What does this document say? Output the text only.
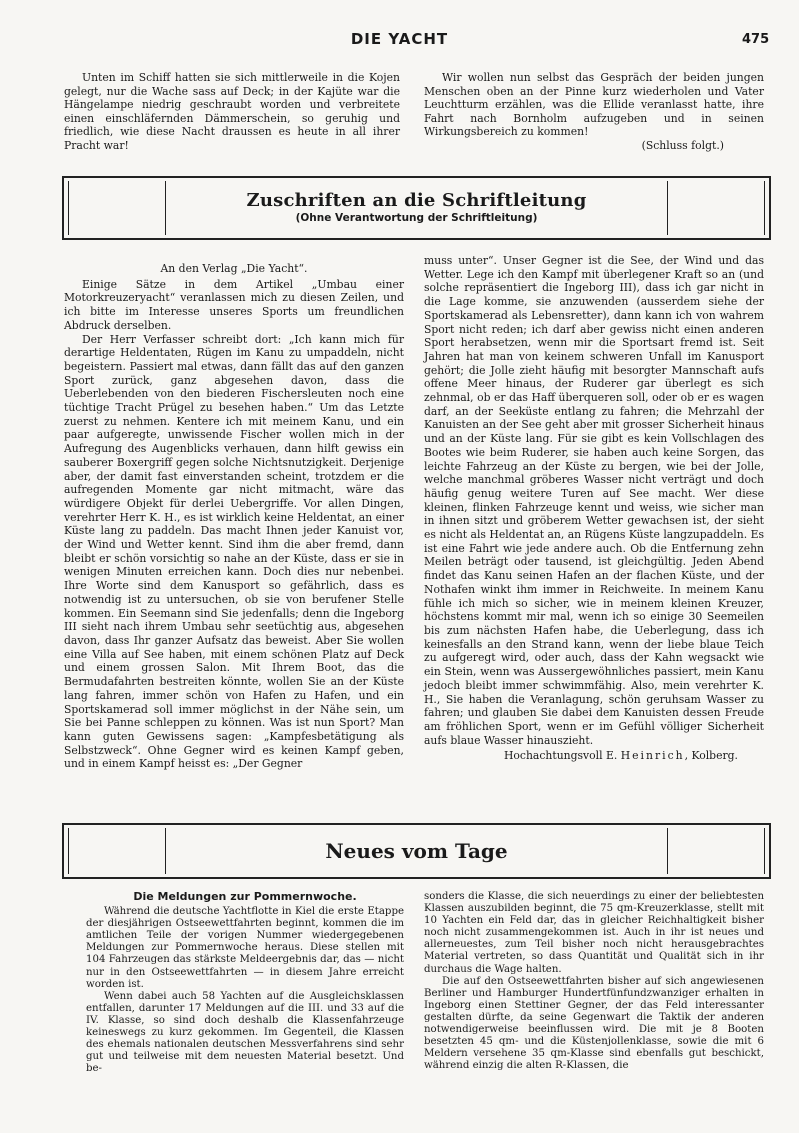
DIE YACHT	475

Unten im Schiff hatten sie sich mittlerweile in die Kojen gelegt, nur die Wache sass auf Deck; in der Kajüte war die Hängelampe niedrig geschraubt worden und verbreitete einen einschläfernden Dämmerschein, so geruhig und friedlich, wie diese Nacht draussen es heute in all ihrer Pracht war!

Wir wollen nun selbst das Gespräch der beiden jungen Menschen oben an der Pinne kurz wiederholen und Vater Leuchtturm erzählen, was die Ellide veranlasst hatte, ihre Fahrt nach Bornholm aufzugeben und in seinen Wirkungsbereich zu kommen!

(Schluss folgt.)

Zuschriften an die Schriftleitung
(Ohne Verantwortung der Schriftleitung)

An den Verlag „Die Yacht“.

Einige Sätze in dem Artikel „Umbau einer Motorkreuzeryacht“ veranlassen mich zu diesen Zeilen, und ich bitte im Interesse unseres Sports um freundlichen Abdruck derselben.

Der Herr Verfasser schreibt dort: „Ich kann mich für derartige Heldentaten, Rügen im Kanu zu umpaddeln, nicht begeistern. Passiert mal etwas, dann fällt das auf den ganzen Sport zurück, ganz abgesehen davon, dass die Ueberlebenden von den biederen Fischersleuten noch eine tüchtige Tracht Prügel zu besehen haben.“ Um das Letzte zuerst zu nehmen. Kentere ich mit meinem Kanu, und ein paar aufgeregte, unwissende Fischer wollen mich in der Aufregung des Augenblicks verhauen, dann hilft gewiss ein sauberer Boxergriff gegen solche Nichtsnutzigkeit. Derjenige aber, der damit fast einverstanden scheint, trotzdem er die aufregenden Momente gar nicht mitmacht, wäre das würdigere Objekt für derlei Uebergriffe. Vor allen Dingen, verehrter Herr K. H., es ist wirklich keine Heldentat, an einer Küste lang zu paddeln. Das macht Ihnen jeder Kanuist vor, der Wind und Wetter kennt. Sind ihm die aber fremd, dann bleibt er schön vorsichtig so nahe an der Küste, dass er sie in wenigen Minuten erreichen kann. Doch dies nur nebenbei. Ihre Worte sind dem Kanusport so gefährlich, dass es notwendig ist zu untersuchen, ob sie von berufener Stelle kommen. Ein Seemann sind Sie jedenfalls; denn die Ingeborg III sieht nach ihrem Umbau sehr seetüchtig aus, abgesehen davon, dass Ihr ganzer Aufsatz das beweist. Aber Sie wollen eine Villa auf See haben, mit einem schönen Platz auf Deck und einem grossen Salon. Mit Ihrem Boot, das die Bermudafahrten bestreiten könnte, wollen Sie an der Küste lang fahren, immer schön von Hafen zu Hafen, und ein Sportskamerad soll immer möglichst in der Nähe sein, um Sie bei Panne schleppen zu können. Was ist nun Sport? Man kann guten Gewissens sagen: „Kampfesbetätigung als Selbstzweck“. Ohne Gegner wird es keinen Kampf geben, und in einem Kampf heisst es: „Der Gegner

muss unter“. Unser Gegner ist die See, der Wind und das Wetter. Lege ich den Kampf mit überlegener Kraft so an (und solche repräsentiert die Ingeborg III), dass ich gar nicht in die Lage komme, sie anzuwenden (ausserdem siehe der Sportskamerad als Lebensretter), dann kann ich von wahrem Sport nicht reden; ich darf aber gewiss nicht einen anderen Sport herabsetzen, wenn mir die Sportsart fremd ist. Seit Jahren hat man von keinem schweren Unfall im Kanusport gehört; die Jolle zieht häufig mit besorgter Mannschaft aufs offene Meer hinaus, der Ruderer gar überlegt es sich zehnmal, ob er das Haff überqueren soll, oder ob er es wagen darf, an der Seeküste entlang zu fahren; die Mehrzahl der Kanuisten an der See geht aber mit grosser Sicherheit hinaus und an der Küste lang. Für sie gibt es kein Vollschlagen des Bootes wie beim Ruderer, sie haben auch keine Sorgen, das leichte Fahrzeug an der Küste zu bergen, wie bei der Jolle, welche manchmal gröberes Wasser nicht verträgt und doch häufig genug weitere Turen auf See macht. Wer diese kleinen, flinken Fahrzeuge kennt und weiss, wie sicher man in ihnen sitzt und gröberem Wetter gewachsen ist, der sieht es nicht als Heldentat an, an Rügens Küste langzupaddeln. Es ist eine Fahrt wie jede andere auch. Ob die Entfernung zehn Meilen beträgt oder tausend, ist gleichgültig. Jeden Abend findet das Kanu seinen Hafen an der flachen Küste, und der Nothafen winkt ihm immer in Reichweite. In meinem Kanu fühle ich mich so sicher, wie in meinem kleinen Kreuzer, höchstens kommt mir mal, wenn ich so einige 30 Seemeilen bis zum nächsten Hafen habe, die Ueberlegung, dass ich keinesfalls an den Strand kann, wenn der liebe blaue Teich zu aufgeregt wird, oder auch, dass der Kahn wegsackt wie ein Stein, wenn was Aussergewöhnliches passiert, mein Kanu jedoch bleibt immer schwimmfähig. Also, mein verehrter K. H., Sie haben die Veranlagung, schön geruhsam Wasser zu fahren; und glauben Sie dabei dem Kanuisten dessen Freude am fröhlichen Sport, wenn er im Gefühl völliger Sicherheit aufs blaue Wasser hinauszieht.

Hochachtungsvoll E. Heinrich, Kolberg.

Neues vom Tage
Die Meldungen zur Pommernwoche.

Während die deutsche Yachtflotte in Kiel die erste Etappe der diesjährigen Ostseewettfahrten beginnt, kommen die im amtlichen Teile der vorigen Nummer wiedergegebenen Meldungen zur Pommernwoche heraus. Diese stellen mit 104 Fahrzeugen das stärkste Meldeergebnis dar, das — nicht nur in den Ostseewettfahrten — in diesem Jahre erreicht worden ist.

Wenn dabei auch 58 Yachten auf die Ausgleichsklassen entfallen, darunter 17 Meldungen auf die III. und 33 auf die IV. Klasse, so sind doch deshalb die Klassenfahrzeuge keineswegs zu kurz gekommen. Im Gegenteil, die Klassen des ehemals nationalen deutschen Messverfahrens sind sehr gut und teilweise mit dem neuesten Material besetzt. Und be-

sonders die Klasse, die sich neuerdings zu einer der beliebtesten Klassen auszubilden beginnt, die 75 qm-Kreuzerklasse, stellt mit 10 Yachten ein Feld dar, das in gleicher Reichhaltigkeit bisher noch nicht zusammengekommen ist. Auch in ihr ist neues und allerneuestes, zum Teil bisher noch nicht herausgebrachtes Material vertreten, so dass Quantität und Qualität sich in ihr durchaus die Wage halten.

Die auf den Ostseewettfahrten bisher auf sich angewiesenen Berliner und Hamburger Hundertfünfundzwanziger erhalten in Ingeborg einen Stettiner Gegner, der das Feld interessanter gestalten dürfte, da seine Gegenwart die Taktik der anderen notwendigerweise beeinflussen wird. Die mit je 8 Booten besetzten 45 qm- und die Küstenjollenklasse, sowie die mit 6 Meldern versehene 35 qm-Klasse sind ebenfalls gut beschickt, während einzig die alten R-Klassen, die
